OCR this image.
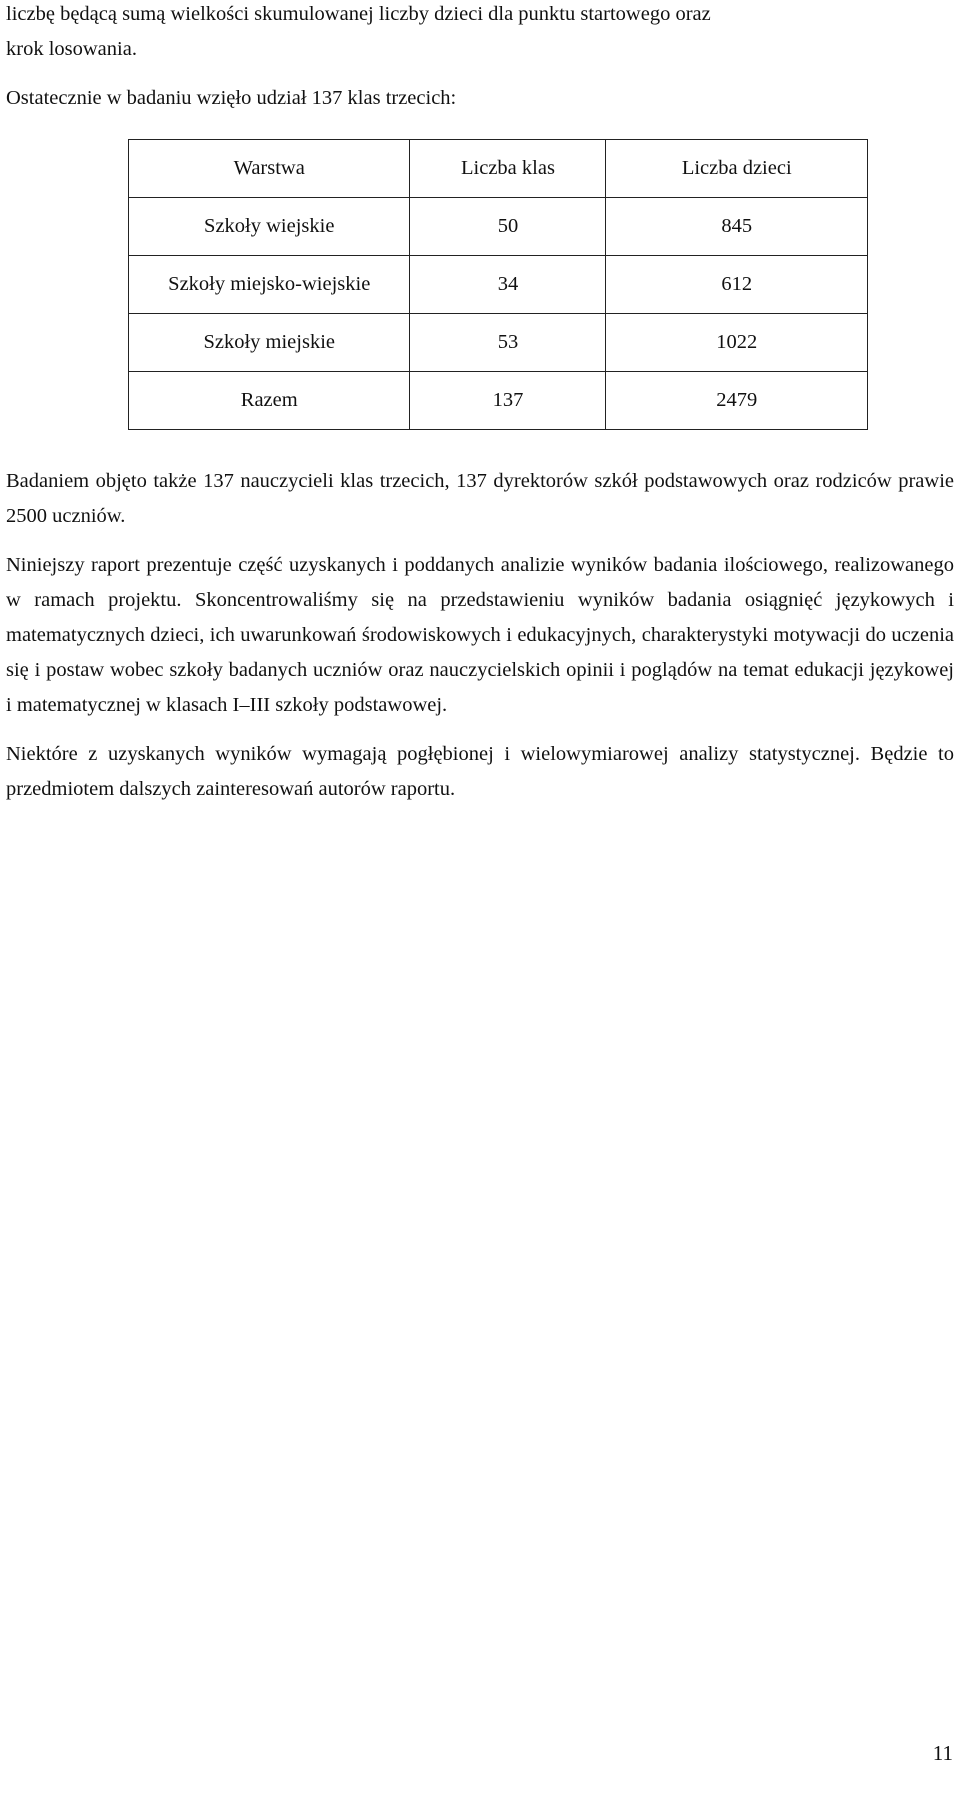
liczbę będącą sumą wielkości skumulowanej liczby dzieci dla punktu startowego oraz
krok losowania.

Ostatecznie w badaniu wzięło udział 137 klas trzecich:

Warstwa	Liczba klas	Liczba dzieci
Szkoły wiejskie	50	845
Szkoły miejsko-wiejskie	34	612
Szkoły miejskie	53	1022
Razem	137	2479

Badaniem objęto także 137 nauczycieli klas trzecich, 137 dyrektorów szkół podstawowych oraz rodziców prawie 2500 uczniów.

Niniejszy raport prezentuje część uzyskanych i poddanych analizie wyników badania ilościowego, realizowanego w ramach projektu. Skoncentrowaliśmy się na przedstawieniu wyników badania osiągnięć językowych i matematycznych dzieci, ich uwarunkowań środowiskowych i edukacyjnych, charakterystyki motywacji do uczenia się i postaw wobec szkoły badanych uczniów oraz nauczycielskich opinii i poglądów na temat edukacji językowej i matematycznej w klasach I–III szkoły podstawowej.

Niektóre z uzyskanych wyników wymagają pogłębionej i wielowymiarowej analizy statystycznej. Będzie to przedmiotem dalszych zainteresowań autorów raportu.

11
